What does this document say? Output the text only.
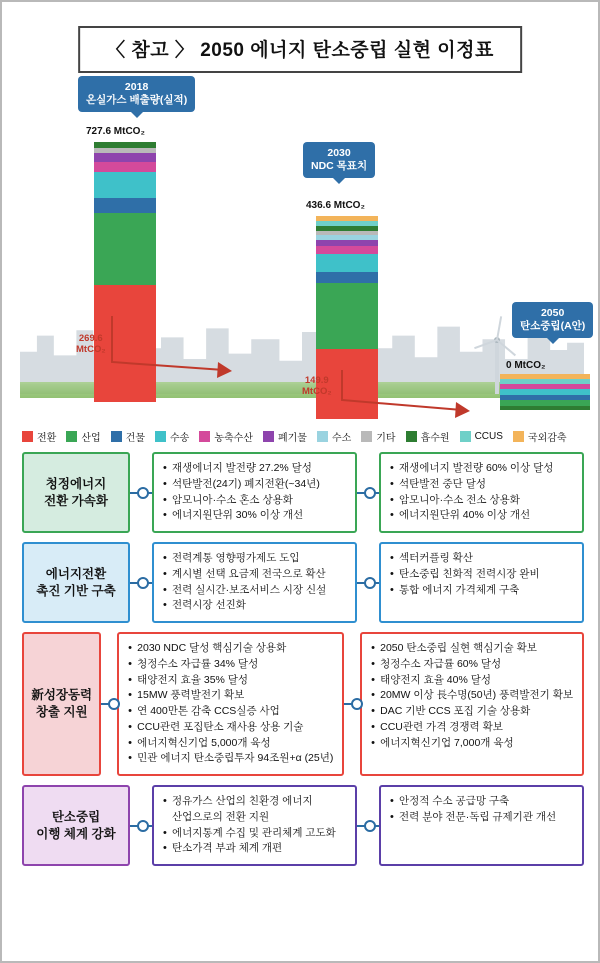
〈 참고 〉 2050 에너지 탄소중립 실현 이정표
2018
온실가스 배출량(실적)
727.6 MtCO₂
269.6
MtCO₂
2030
NDC 목표치
436.6 MtCO₂
149.9
MtCO₂
2050
탄소중립(A안)
0 MtCO₂
전환	산업	건물	수송	농축수산	폐기물	수소	기타	흡수원	CCUS	국외감축
청정에너지
전환 가속화
• 재생에너지 발전량 27.2% 달성
• 석탄발전(24기) 폐지전환(~34년)
• 암모니아·수소 혼소 상용화
• 에너지원단위 30% 이상 개선
• 재생에너지 발전량 60% 이상 달성
• 석탄발전 중단 달성
• 암모니아·수소 전소 상용화
• 에너지원단위 40% 이상 개선
에너지전환
촉진 기반 구축
• 전력계통 영향평가제도 도입
• 계시별 선택 요금제 전국으로 확산
• 전력 실시간·보조서비스 시장 신설
• 전력시장 선진화
• 섹터커플링 확산
• 탄소중립 친화적 전력시장 완비
• 통합 에너지 가격체계 구축
新성장동력
창출 지원
• 2030 NDC 달성 핵심기술 상용화
• 청정수소 자급률 34% 달성
• 태양전지 효율 35% 달성
• 15MW 풍력발전기 확보
• 연 400만톤 감축 CCS실증 사업
• CCU관련 포집탄소 재사용 상용 기술
• 에너지혁신기업 5,000개 육성
• 민관 에너지 탄소중립투자 94조원+α (25년)
• 2050 탄소중립 실현 핵심기술 확보
• 청정수소 자급률 60% 달성
• 태양전지 효율 40% 달성
• 20MW 이상 長수명(50년) 풍력발전기 확보
• DAC 기반 CCS 포집 기술 상용화
• CCU관련 가격 경쟁력 확보
• 에너지혁신기업 7,000개 육성
탄소중립
이행 체계 강화
• 정유가스 산업의 친환경 에너지
산업으로의 전환 지원
• 에너지통계 수집 및 관리체계 고도화
• 탄소가격 부과 체계 개편
• 안정적 수소 공급망 구축
• 전력 분야 전문·독립 규제기관 개선
